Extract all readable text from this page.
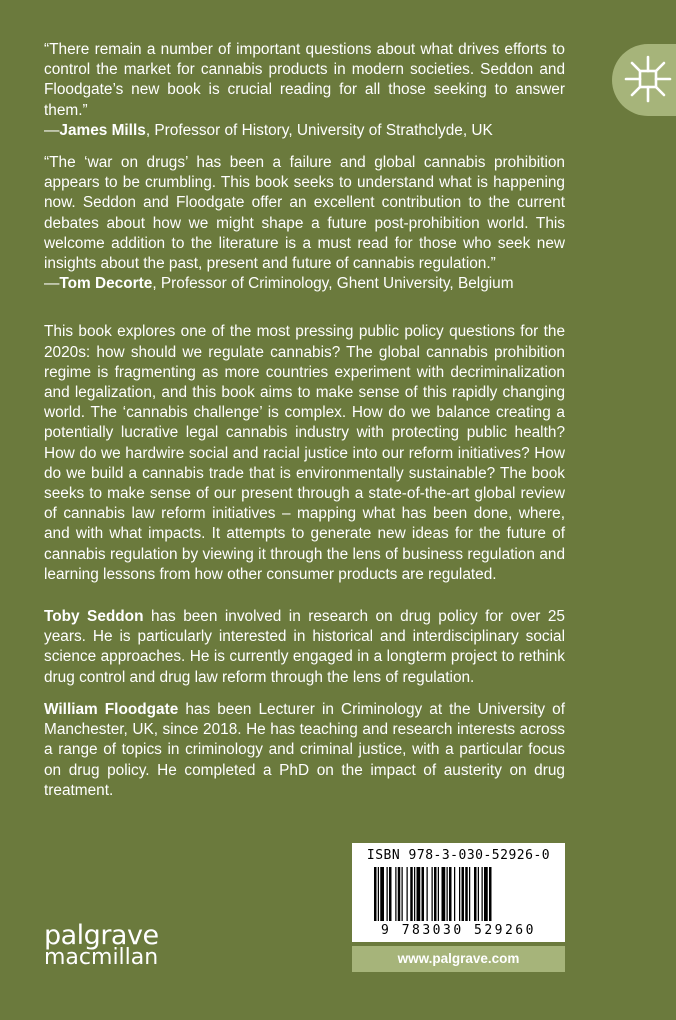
“There remain a number of important questions about what drives efforts to control the market for cannabis products in modern societies. Seddon and Floodgate’s new book is crucial reading for all those seeking to answer them.”

—James Mills, Professor of History, University of Strathclyde, UK

“The ‘war on drugs’ has been a failure and global cannabis prohibition appears to be crumbling. This book seeks to understand what is happening now. Seddon and Floodgate offer an excellent contribution to the current debates about how we might shape a future post-prohibition world. This welcome addition to the literature is a must read for those who seek new insights about the past, present and future of cannabis regulation.”

—Tom Decorte, Professor of Criminology, Ghent University, Belgium

This book explores one of the most pressing public policy questions for the 2020s: how should we regulate cannabis? The global cannabis prohibition regime is fragmenting as more countries experiment with decriminalization and legalization, and this book aims to make sense of this rapidly changing world. The ‘cannabis challenge’ is complex. How do we balance creating a potentially lucrative legal cannabis industry with protecting public health? How do we hardwire social and racial justice into our reform initiatives? How do we build a cannabis trade that is environmentally sustainable? The book seeks to make sense of our present through a state-of-the-art global review of cannabis law reform initiatives – mapping what has been done, where, and with what impacts. It attempts to generate new ideas for the future of cannabis regulation by viewing it through the lens of business regulation and learning lessons from how other consumer products are regulated.

Toby Seddon has been involved in research on drug policy for over 25 years. He is particularly interested in historical and interdisciplinary social science approaches. He is currently engaged in a longterm project to rethink drug control and drug law reform through the lens of regulation.

William Floodgate has been Lecturer in Criminology at the University of Manchester, UK, since 2018. He has teaching and research interests across a range of topics in criminology and criminal justice, with a particular focus on drug policy. He completed a PhD on the impact of austerity on drug treatment.

palgrave
macmillan
ISBN 978-3-030-52926-0
9 783030 529260
www.palgrave.com
